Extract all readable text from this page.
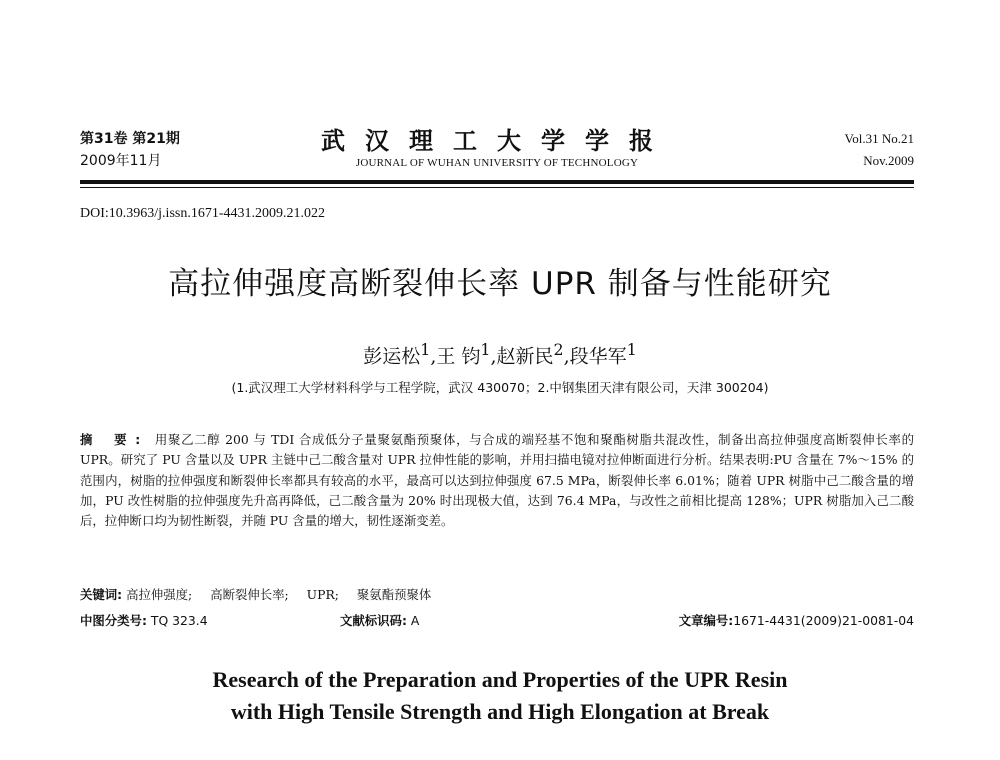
第31卷 第21期
2009年11月
武汉理工大学学报
JOURNAL OF WUHAN UNIVERSITY OF TECHNOLOGY
Vol.31 No.21
Nov.2009
DOI:10.3963/j.issn.1671-4431.2009.21.022
高拉伸强度高断裂伸长率 UPR 制备与性能研究
彭运松$^1$,王 钧$^1$,赵新民$^2$,段华军$^1$
(1.武汉理工大学材料科学与工程学院，武汉 430070；2.中钢集团天津有限公司，天津 300204)
摘 要: 用聚乙二醇 200 与 TDI 合成低分子量聚氨酯预聚体，与合成的端羟基不饱和聚酯树脂共混改性，制备出高拉伸强度高断裂伸长率的 UPR。研究了 PU 含量以及 UPR 主链中己二酸含量对 UPR 拉伸性能的影响，并用扫描电镜对拉伸断面进行分析。结果表明:PU 含量在 7%～15% 的范围内，树脂的拉伸强度和断裂伸长率都具有较高的水平，最高可以达到拉伸强度 67.5 MPa，断裂伸长率 6.01%；随着 UPR 树脂中己二酸含量的增加，PU 改性树脂的拉伸强度先升高再降低，己二酸含量为 20% 时出现极大值，达到 76.4 MPa，与改性之前相比提高 128%；UPR 树脂加入己二酸后，拉伸断口均为韧性断裂，并随 PU 含量的增大，韧性逐渐变差。
关键词: 高拉伸强度; 高断裂伸长率; UPR; 聚氨酯预聚体
中图分类号: TQ 323.4	文献标识码: A	文章编号:1671-4431(2009)21-0081-04
Research of the Preparation and Properties of the UPR Resin
with High Tensile Strength and High Elongation at Break
